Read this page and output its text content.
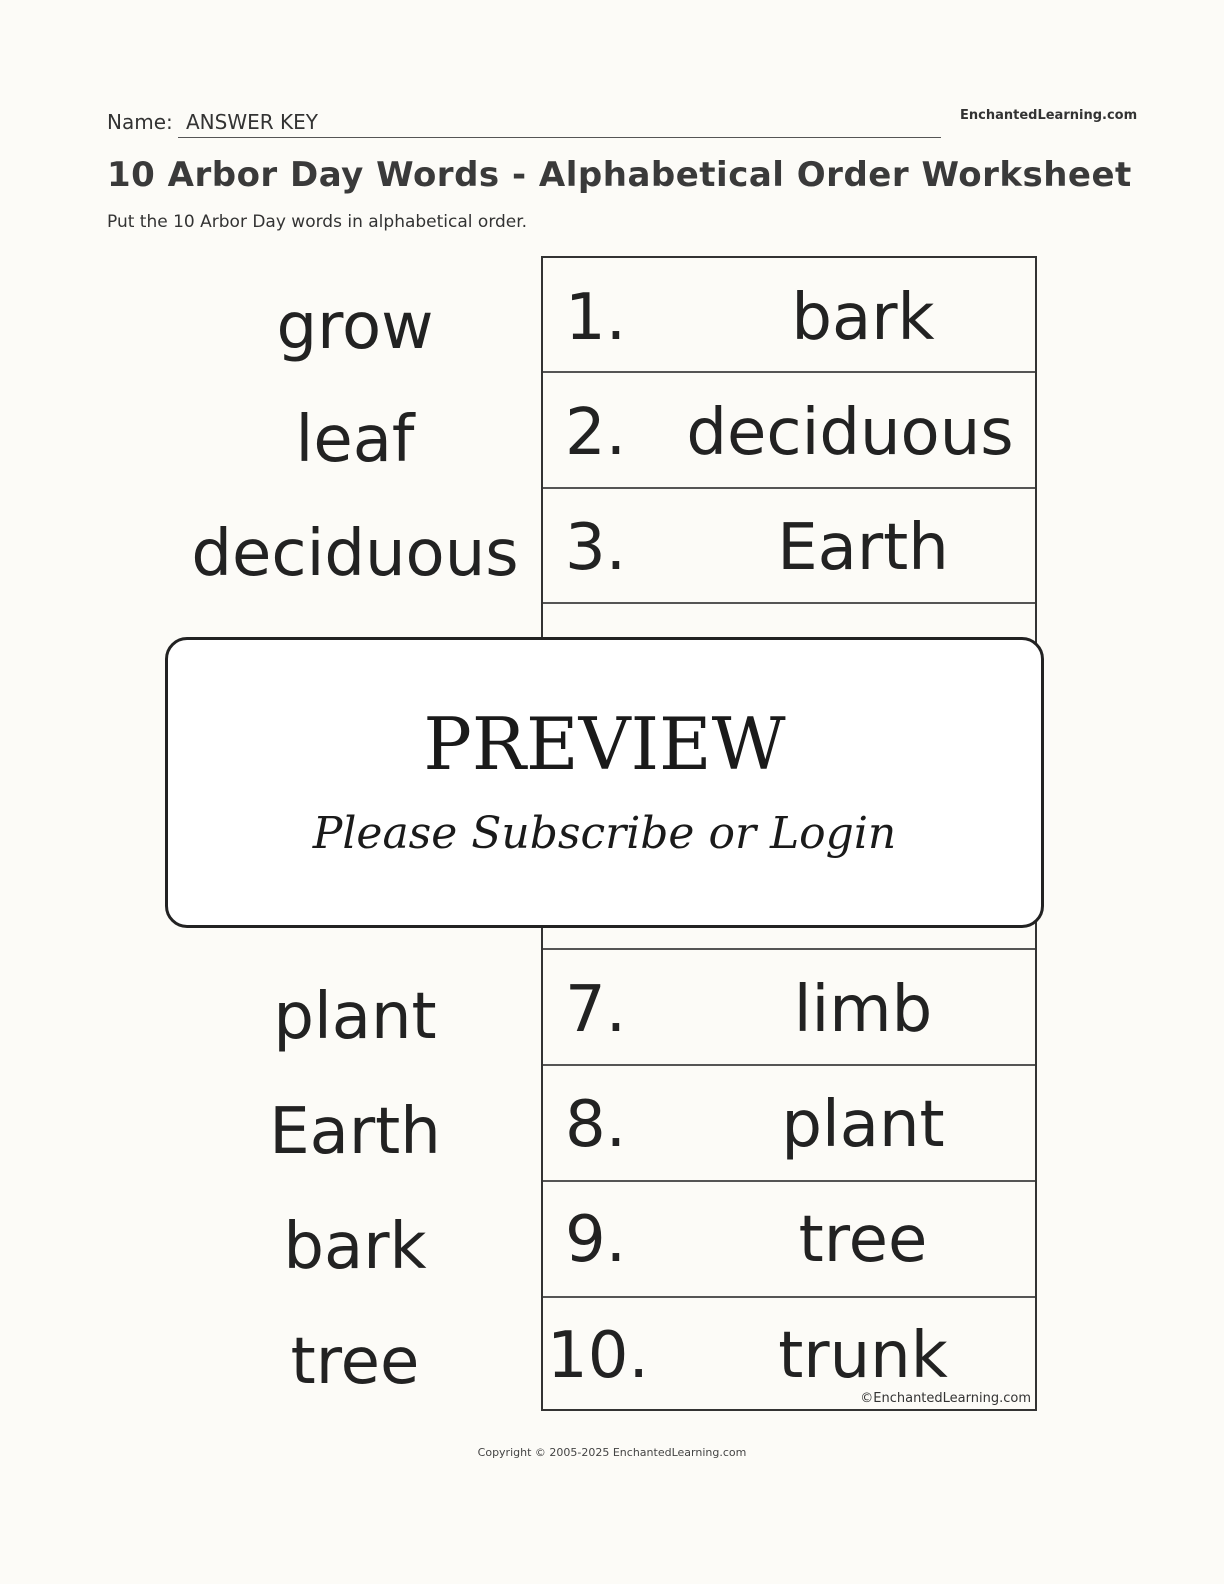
Name: ANSWER KEY	EnchantedLearning.com
10 Arbor Day Words - Alphabetical Order Worksheet
Put the 10 Arbor Day words in alphabetical order.
grow
leaf
deciduous
plant
Earth
bark
tree
1.	bark
2. deciduous
3.	Earth
7.	limb
8.	plant
9.	tree
10.	trunk
©EnchantedLearning.com
PREVIEW
Please Subscribe or Login
Copyright © 2005-2025 EnchantedLearning.com
